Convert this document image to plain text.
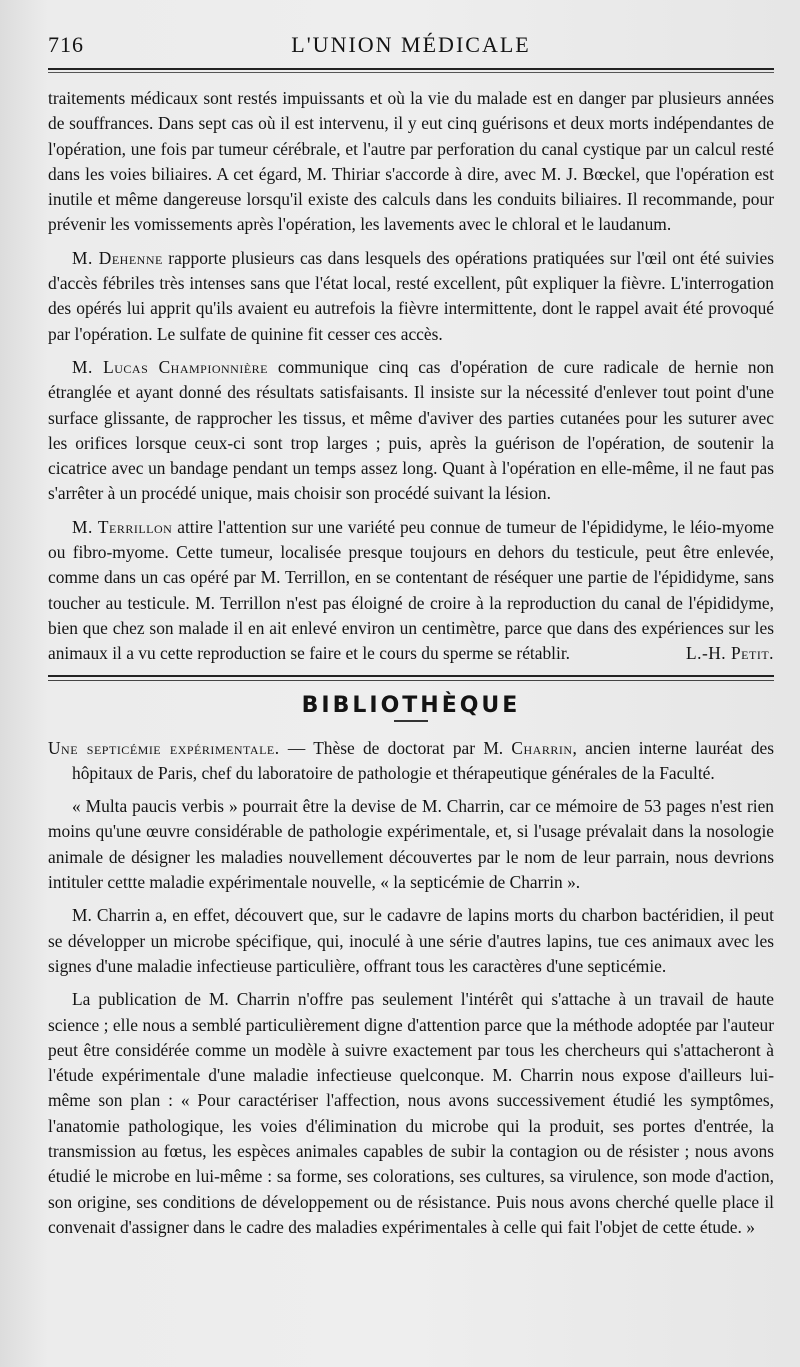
716	L'UNION MÉDICALE

traitements médicaux sont restés impuissants et où la vie du malade est en danger par plusieurs années de souffrances. Dans sept cas où il est intervenu, il y eut cinq guérisons et deux morts indépendantes de l'opération, une fois par tumeur cérébrale, et l'autre par perforation du canal cystique par un calcul resté dans les voies biliaires. A cet égard, M. Thiriar s'accorde à dire, avec M. J. Bœckel, que l'opération est inutile et même dangereuse lorsqu'il existe des calculs dans les conduits biliaires. Il recommande, pour prévenir les vomissements après l'opération, les lavements avec le chloral et le laudanum.

M. Dehenne rapporte plusieurs cas dans lesquels des opérations pratiquées sur l'œil ont été suivies d'accès fébriles très intenses sans que l'état local, resté excellent, pût expliquer la fièvre. L'interrogation des opérés lui apprit qu'ils avaient eu autrefois la fièvre intermittente, dont le rappel avait été provoqué par l'opération. Le sulfate de quinine fit cesser ces accès.

M. Lucas Championnière communique cinq cas d'opération de cure radicale de hernie non étranglée et ayant donné des résultats satisfaisants. Il insiste sur la nécessité d'enlever tout point d'une surface glissante, de rapprocher les tissus, et même d'aviver des parties cutanées pour les suturer avec les orifices lorsque ceux-ci sont trop larges ; puis, après la guérison de l'opération, de soutenir la cicatrice avec un bandage pendant un temps assez long. Quant à l'opération en elle-même, il ne faut pas s'arrêter à un procédé unique, mais choisir son procédé suivant la lésion.

M. Terrillon attire l'attention sur une variété peu connue de tumeur de l'épididyme, le léio-myome ou fibro-myome. Cette tumeur, localisée presque toujours en dehors du testicule, peut être enlevée, comme dans un cas opéré par M. Terrillon, en se contentant de réséquer une partie de l'épididyme, sans toucher au testicule. M. Terrillon n'est pas éloigné de croire à la reproduction du canal de l'épididyme, bien que chez son malade il en ait enlevé environ un centimètre, parce que dans des expériences sur les animaux il a vu cette reproduction se faire et le cours du sperme se rétablir.	L.-H. Petit.

BIBLIOTHÈQUE

Une septicémie expérimentale. — Thèse de doctorat par M. Charrin, ancien interne lauréat des hôpitaux de Paris, chef du laboratoire de pathologie et thérapeutique générales de la Faculté.

« Multa paucis verbis » pourrait être la devise de M. Charrin, car ce mémoire de 53 pages n'est rien moins qu'une œuvre considérable de pathologie expérimentale, et, si l'usage prévalait dans la nosologie animale de désigner les maladies nouvellement découvertes par le nom de leur parrain, nous devrions intituler cettte maladie expérimentale nouvelle, « la septicémie de Charrin ».

M. Charrin a, en effet, découvert que, sur le cadavre de lapins morts du charbon bactéridien, il peut se développer un microbe spécifique, qui, inoculé à une série d'autres lapins, tue ces animaux avec les signes d'une maladie infectieuse particulière, offrant tous les caractères d'une septicémie.

La publication de M. Charrin n'offre pas seulement l'intérêt qui s'attache à un travail de haute science ; elle nous a semblé particulièrement digne d'attention parce que la méthode adoptée par l'auteur peut être considérée comme un modèle à suivre exactement par tous les chercheurs qui s'attacheront à l'étude expérimentale d'une maladie infectieuse quelconque. M. Charrin nous expose d'ailleurs lui-même son plan : « Pour caractériser l'affection, nous avons successivement étudié les symptômes, l'anatomie pathologique, les voies d'élimination du microbe qui la produit, ses portes d'entrée, la transmission au fœtus, les espèces animales capables de subir la contagion ou de résister ; nous avons étudié le microbe en lui-même : sa forme, ses colorations, ses cultures, sa virulence, son mode d'action, son origine, ses conditions de développement ou de résistance. Puis nous avons cherché quelle place il convenait d'assigner dans le cadre des maladies expérimentales à celle qui fait l'objet de cette étude. »
